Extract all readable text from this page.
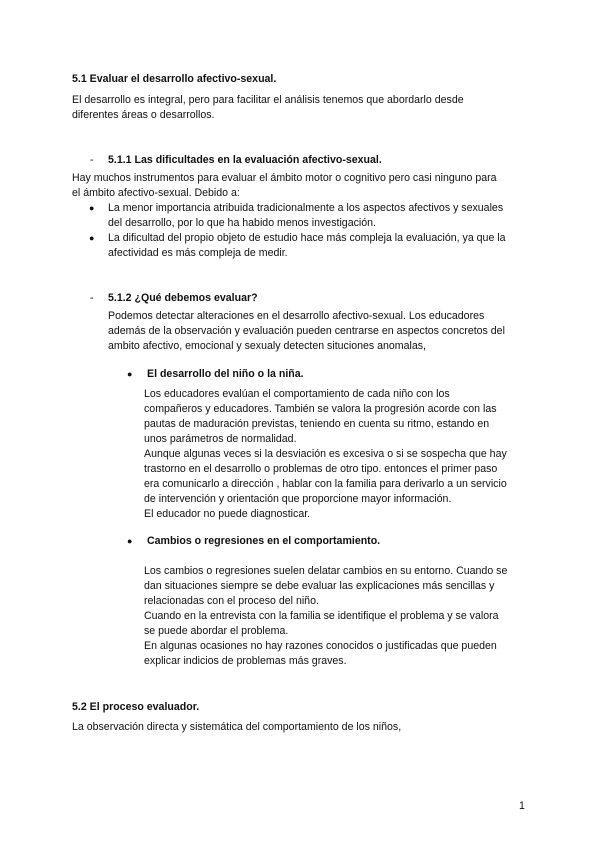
5.1 Evaluar el desarrollo afectivo-sexual.
El desarrollo es integral, pero para facilitar el análisis tenemos que abordarlo desde
diferentes áreas o desarrollos.
- 5.1.1 Las dificultades en la evaluación afectivo-sexual.
Hay muchos instrumentos para evaluar el ámbito motor o cognitivo pero casi ninguno para
el ámbito afectivo-sexual. Debido a:
● La menor importancia atribuida tradicionalmente a los aspectos afectivos y sexuales
del desarrollo, por lo que ha habido menos investigación.
● La dificultad del propio objeto de estudio hace más compleja la evaluación, ya que la
afectividad es más compleja de medir.
- 5.1.2 ¿Qué debemos evaluar?
Podemos detectar alteraciones en el desarrollo afectivo-sexual. Los educadores
además de la observación y evaluación pueden centrarse en aspectos concretos del
ambito afectivo, emocional y sexualy detecten situciones anomalas,
● El desarrollo del niño o la niña.
Los educadores evalúan el comportamiento de cada niño con los
compañeros y educadores. También se valora la progresión acorde con las
pautas de maduración previstas, teniendo en cuenta su ritmo, estando en
unos parámetros de normalidad.
Aunque algunas veces si la desviación es excesiva o si se sospecha que hay
trastorno en el desarrollo o problemas de otro tipo. entonces el primer paso
era comunicarlo a dirección , hablar con la familia para derivarlo a un servicio
de intervención y orientación que proporcione mayor información.
El educador no puede diagnosticar.
● Cambios o regresiones en el comportamiento.
Los cambios o regresiones suelen delatar cambios en su entorno. Cuando se
dan situaciones siempre se debe evaluar las explicaciones más sencillas y
relacionadas con el proceso del niño.
Cuando en la entrevista con la familia se identifique el problema y se valora
se puede abordar el problema.
En algunas ocasiones no hay razones conocidos o justificadas que pueden
explicar indicios de problemas más graves.
5.2 El proceso evaluador.
La observación directa y sistemática del comportamiento de los niños,
1
